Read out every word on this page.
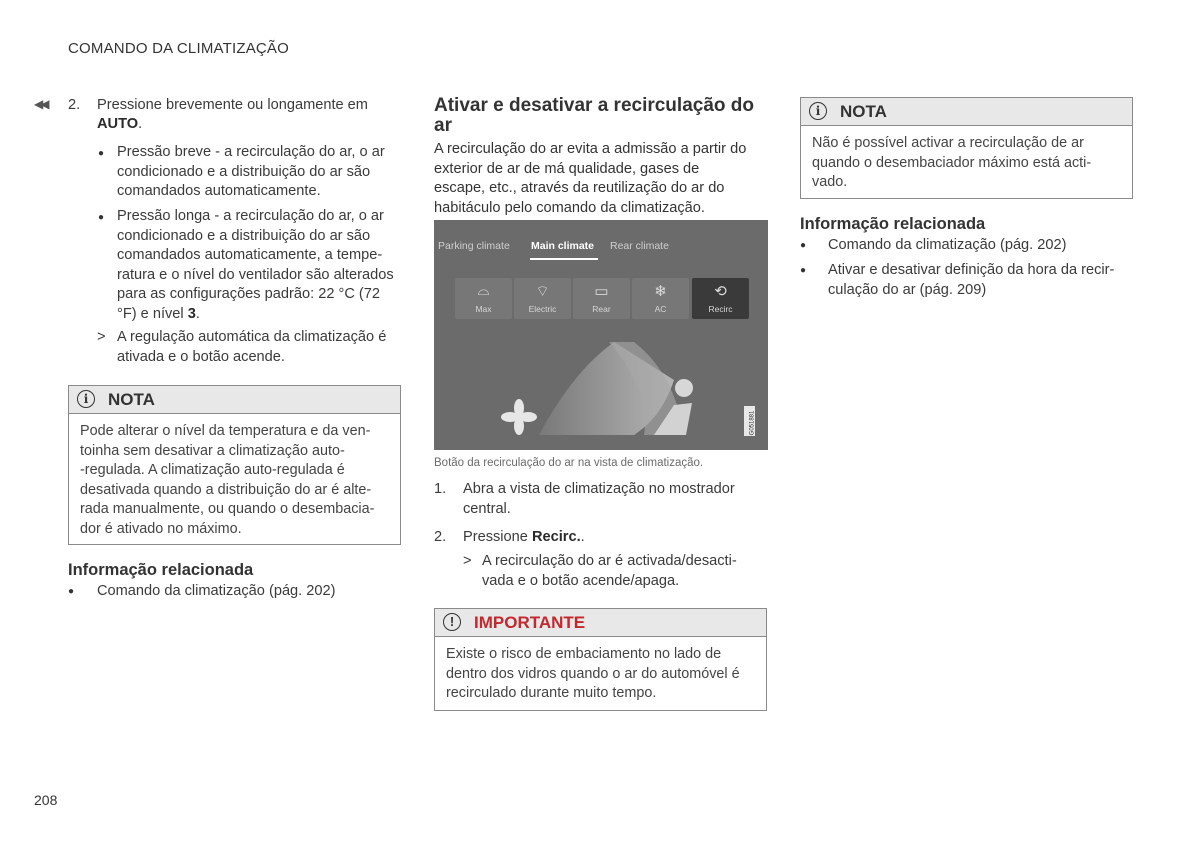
COMANDO DA CLIMATIZAÇÃO
◀◀ 2. Pressione brevemente ou longamente em
AUTO.
● Pressão breve - a recirculação do ar, o ar
condicionado e a distribuição do ar são
comandados automaticamente.
● Pressão longa - a recirculação do ar, o ar
condicionado e a distribuição do ar são
comandados automaticamente, a tempe-
ratura e o nível do ventilador são alterados
para as configurações padrão: 22 °C (72
°F) e nível 3.
> A regulação automática da climatização é
ativada e o botão acende.
i	NOTA
Pode alterar o nível da temperatura e da ven-
toinha sem desativar a climatização auto-
-regulada. A climatização auto-regulada é
desativada quando a distribuição do ar é alte-
rada manualmente, ou quando o desembacia-
dor é ativado no máximo.
Informação relacionada
● Comando da climatização (pág. 202)
Ativar e desativar a recirculação do
ar
A recirculação do ar evita a admissão a partir do
exterior de ar de má qualidade, gases de
escape, etc., através da reutilização do ar do
habitáculo pelo comando da climatização.
Parking climate Main climate Rear climate
⌓
Max
⌔
Electric
▭
Rear
❄
AC
⟲
Recirc
G051881
Botão da recirculação do ar na vista de climatização.
1. Abra a vista de climatização no mostrador
central.
2. Pressione Recirc..
> A recirculação do ar é activada/desacti-
vada e o botão acende/apaga.
!	IMPORTANTE
Existe o risco de embaciamento no lado de
dentro dos vidros quando o ar do automóvel é
recirculado durante muito tempo.
i	NOTA
Não é possível activar a recirculação de ar
quando o desembaciador máximo está acti-
vado.
Informação relacionada
● Comando da climatização (pág. 202)
● Ativar e desativar definição da hora da recir-
culação do ar (pág. 209)
208
